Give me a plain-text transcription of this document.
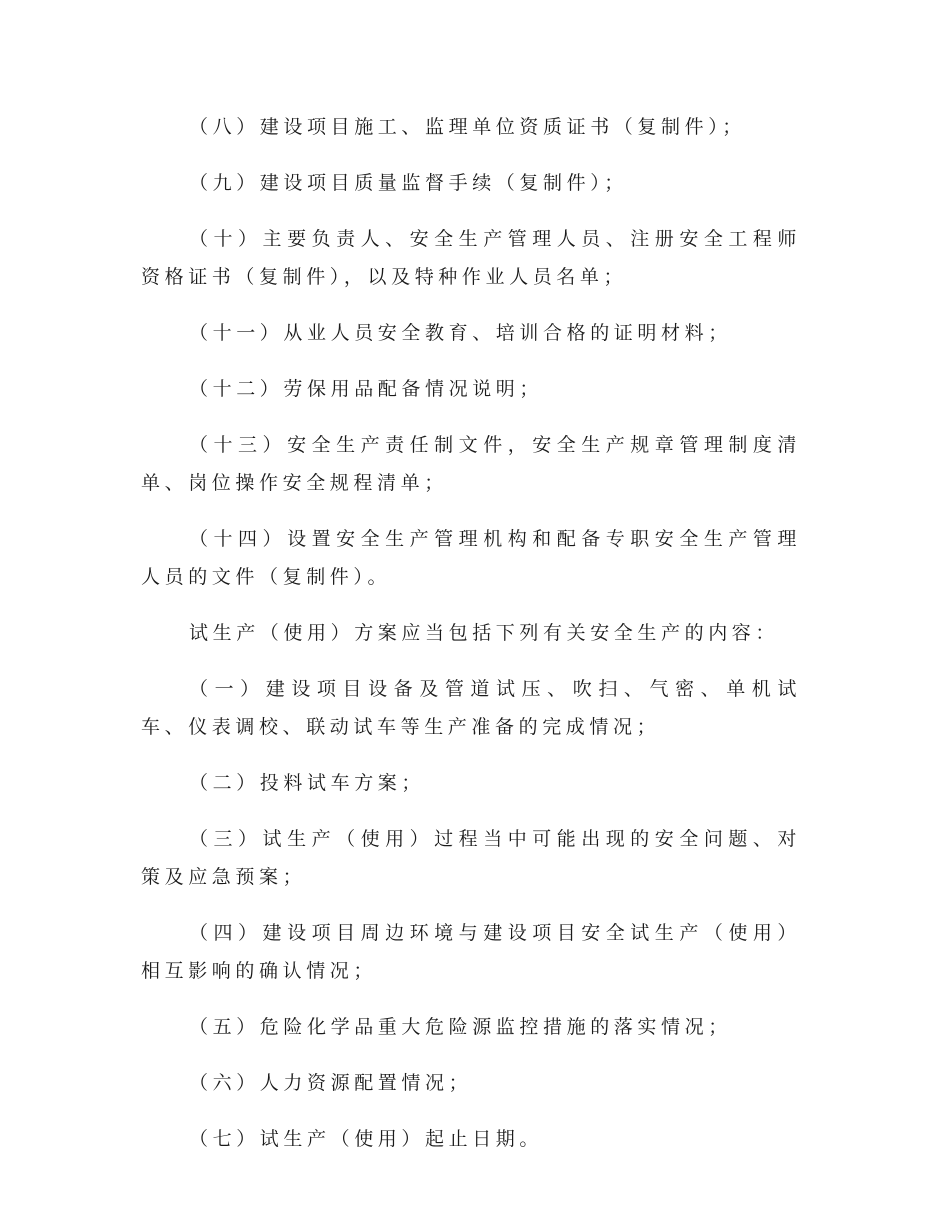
（八）建设项目施工、监理单位资质证书（复制件）；

（九）建设项目质量监督手续（复制件）；

（十）主要负责人、安全生产管理人员、注册安全工程师资格证书（复制件），以及特种作业人员名单；

（十一）从业人员安全教育、培训合格的证明材料；

（十二）劳保用品配备情况说明；

（十三）安全生产责任制文件，安全生产规章管理制度清单、岗位操作安全规程清单；

（十四）设置安全生产管理机构和配备专职安全生产管理人员的文件（复制件）。

试生产（使用）方案应当包括下列有关安全生产的内容：

（一）建设项目设备及管道试压、吹扫、气密、单机试车、仪表调校、联动试车等生产准备的完成情况；

（二）投料试车方案；

（三）试生产（使用）过程当中可能出现的安全问题、对策及应急预案；

（四）建设项目周边环境与建设项目安全试生产（使用）相互影响的确认情况；

（五）危险化学品重大危险源监控措施的落实情况；

（六）人力资源配置情况；

（七）试生产（使用）起止日期。
